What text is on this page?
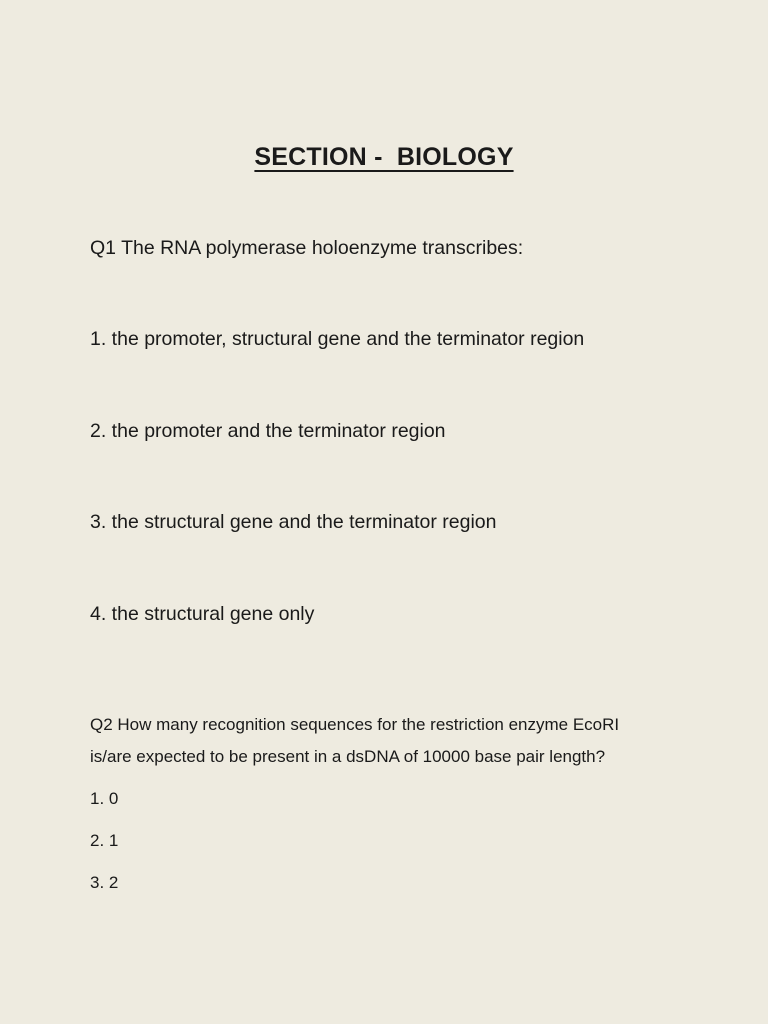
SECTION -  BIOLOGY
Q1 The RNA polymerase holoenzyme transcribes:
1. the promoter, structural gene and the terminator region
2. the promoter and the terminator region
3. the structural gene and the terminator region
4. the structural gene only
Q2 How many recognition sequences for the restriction enzyme EcoRI
is/are expected to be present in a dsDNA of 10000 base pair length?
1. 0
2. 1
3. 2
